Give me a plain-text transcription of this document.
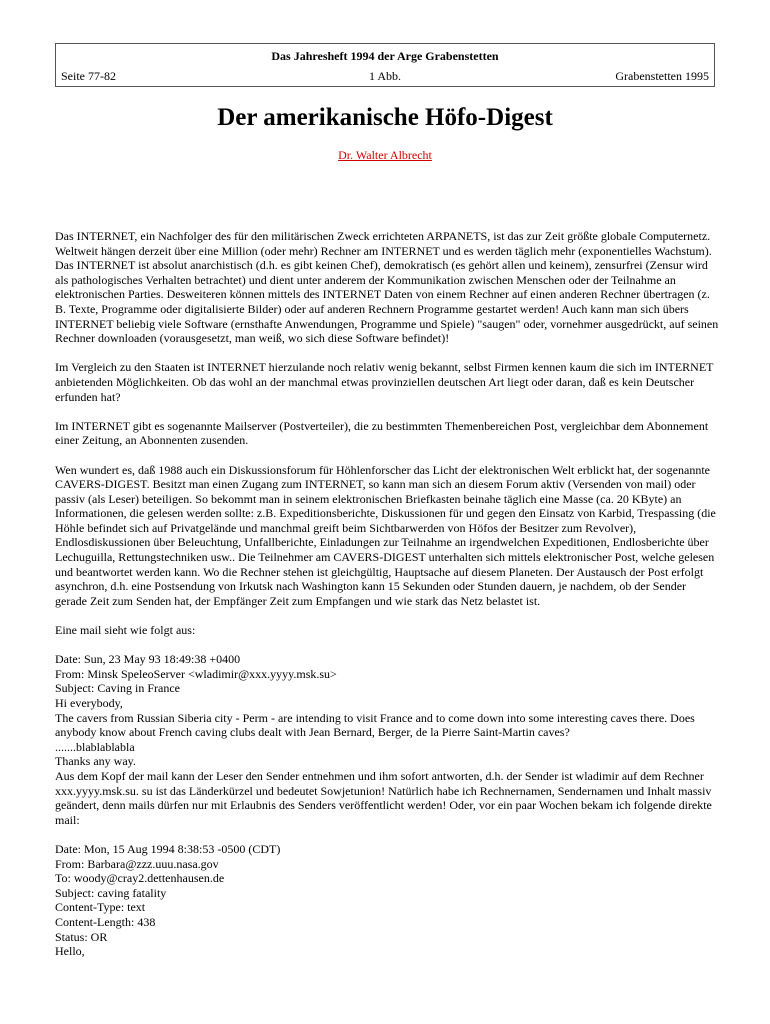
Das Jahresheft 1994 der Arge Grabenstetten
Seite 77-82	1 Abb.	Grabenstetten 1995
Der amerikanische Höfo-Digest
Dr. Walter Albrecht

Das INTERNET, ein Nachfolger des für den militärischen Zweck errichteten ARPANETS, ist das zur Zeit größte globale Computernetz. Weltweit hängen derzeit über eine Million (oder mehr) Rechner am INTERNET und es werden täglich mehr (exponentielles Wachstum). Das INTERNET ist absolut anarchistisch (d.h. es gibt keinen Chef), demokratisch (es gehört allen und keinem), zensurfrei (Zensur wird als pathologisches Verhalten betrachtet) und dient unter anderem der Kommunikation zwischen Menschen oder der Teilnahme an elektronischen Parties. Desweiteren können mittels des INTERNET Daten von einem Rechner auf einen anderen Rechner übertragen (z. B. Texte, Programme oder digitalisierte Bilder) oder auf anderen Rechnern Programme gestartet werden! Auch kann man sich übers INTERNET beliebig viele Software (ernsthafte Anwendungen, Programme und Spiele) "saugen" oder, vornehmer ausgedrückt, auf seinen Rechner downloaden (vorausgesetzt, man weiß, wo sich diese Software befindet)!

Im Vergleich zu den Staaten ist INTERNET hierzulande noch relativ wenig bekannt, selbst Firmen kennen kaum die sich im INTERNET anbietenden Möglichkeiten. Ob das wohl an der manchmal etwas provinziellen deutschen Art liegt oder daran, daß es kein Deutscher erfunden hat?

Im INTERNET gibt es sogenannte Mailserver (Postverteiler), die zu bestimmten Themenbereichen Post, vergleichbar dem Abonnement einer Zeitung, an Abonnenten zusenden.

Wen wundert es, daß 1988 auch ein Diskussionsforum für Höhlenforscher das Licht der elektronischen Welt erblickt hat, der sogenannte CAVERS-DIGEST. Besitzt man einen Zugang zum INTERNET, so kann man sich an diesem Forum aktiv (Versenden von mail) oder passiv (als Leser) beteiligen. So bekommt man in seinem elektronischen Briefkasten beinahe täglich eine Masse (ca. 20 KByte) an Informationen, die gelesen werden sollte: z.B. Expeditionsberichte, Diskussionen für und gegen den Einsatz von Karbid, Trespassing (die Höhle befindet sich auf Privatgelände und manchmal greift beim Sichtbarwerden von Höfos der Besitzer zum Revolver), Endlosdiskussionen über Beleuchtung, Unfallberichte, Einladungen zur Teilnahme an irgendwelchen Expeditionen, Endlosberichte über Lechuguilla, Rettungstechniken usw.. Die Teilnehmer am CAVERS-DIGEST unterhalten sich mittels elektronischer Post, welche gelesen und beantwortet werden kann. Wo die Rechner stehen ist gleichgültig, Hauptsache auf diesem Planeten. Der Austausch der Post erfolgt asynchron, d.h. eine Postsendung von Irkutsk nach Washington kann 15 Sekunden oder Stunden dauern, je nachdem, ob der Sender gerade Zeit zum Senden hat, der Empfänger Zeit zum Empfangen und wie stark das Netz belastet ist.

Eine mail sieht wie folgt aus:

Date: Sun, 23 May 93 18:49:38 +0400
From: Minsk SpeleoServer <wladimir@xxx.yyyy.msk.su>
Subject: Caving in France
Hi everybody,
The cavers from Russian Siberia city - Perm - are intending to visit France and to come down into some interesting caves there. Does anybody know about French caving clubs dealt with Jean Bernard, Berger, de la Pierre Saint-Martin caves?
.......blablablabla
Thanks any way.
Aus dem Kopf der mail kann der Leser den Sender entnehmen und ihm sofort antworten, d.h. der Sender ist wladimir auf dem Rechner xxx.yyyy.msk.su. su ist das Länderkürzel und bedeutet Sowjetunion! Natürlich habe ich Rechnernamen, Sendernamen und Inhalt massiv geändert, denn mails dürfen nur mit Erlaubnis des Senders veröffentlicht werden! Oder, vor ein paar Wochen bekam ich folgende direkte mail:
Date: Mon, 15 Aug 1994 8:38:53 -0500 (CDT)
From: Barbara@zzz.uuu.nasa.gov
To: woody@cray2.dettenhausen.de
Subject: caving fatality
Content-Type: text
Content-Length: 438
Status: OR
Hello,
